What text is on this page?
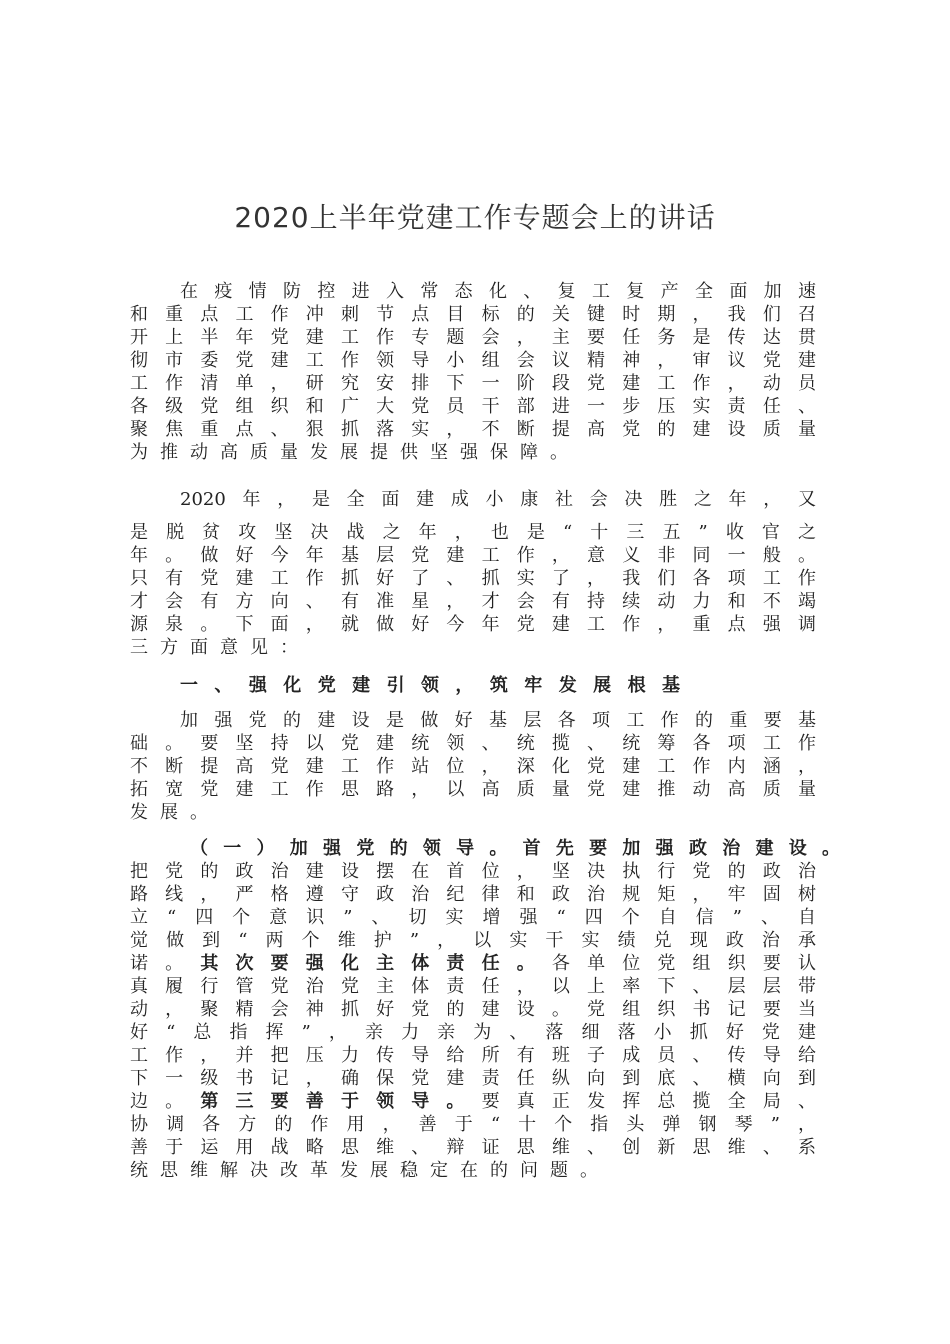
2020上半年党建工作专题会上的讲话
在疫情防控进入常态化、复工复产全面加速
和重点工作冲刺节点目标的关键时期，我们召
开上半年党建工作专题会，主要任务是传达贯
彻市委党建工作领导小组会议精神，审议党建
工作清单，研究安排下一阶段党建工作，动员
各级党组织和广大党员干部进一步压实责任、
聚焦重点、狠抓落实，不断提高党的建设质量
为推动高质量发展提供坚强保障。
2020年，是全面建成小康社会决胜之年，又
是脱贫攻坚决战之年，也是“十三五”收官之
年。做好今年基层党建工作，意义非同一般。
只有党建工作抓好了、抓实了，我们各项工作
才会有方向、有准星，才会有持续动力和不竭
源泉。下面，就做好今年党建工作，重点强调
三方面意见：
一、强化党建引领，筑牢发展根基
加强党的建设是做好基层各项工作的重要基
础。要坚持以党建统领、统揽、统筹各项工作
不断提高党建工作站位，深化党建工作内涵，
拓宽党建工作思路，以高质量党建推动高质量
发展。
（一）加强党的领导。首先要加强政治建设。
把党的政治建设摆在首位，坚决执行党的政治
路线，严格遵守政治纪律和政治规矩，牢固树
立“四个意识”、切实增强“四个自信”、自
觉做到“两个维护”，以实干实绩兑现政治承
诺。其次要强化主体责任。各单位党组织要认
真履行管党治党主体责任，以上率下、层层带
动，聚精会神抓好党的建设。党组织书记要当
好“总指挥”，亲力亲为、落细落小抓好党建
工作，并把压力传导给所有班子成员、传导给
下一级书记，确保党建责任纵向到底、横向到
边。第三要善于领导。要真正发挥总揽全局、
协调各方的作用，善于“十个指头弹钢琴”，
善于运用战略思维、辩证思维、创新思维、系
统思维解决改革发展稳定在的问题。
